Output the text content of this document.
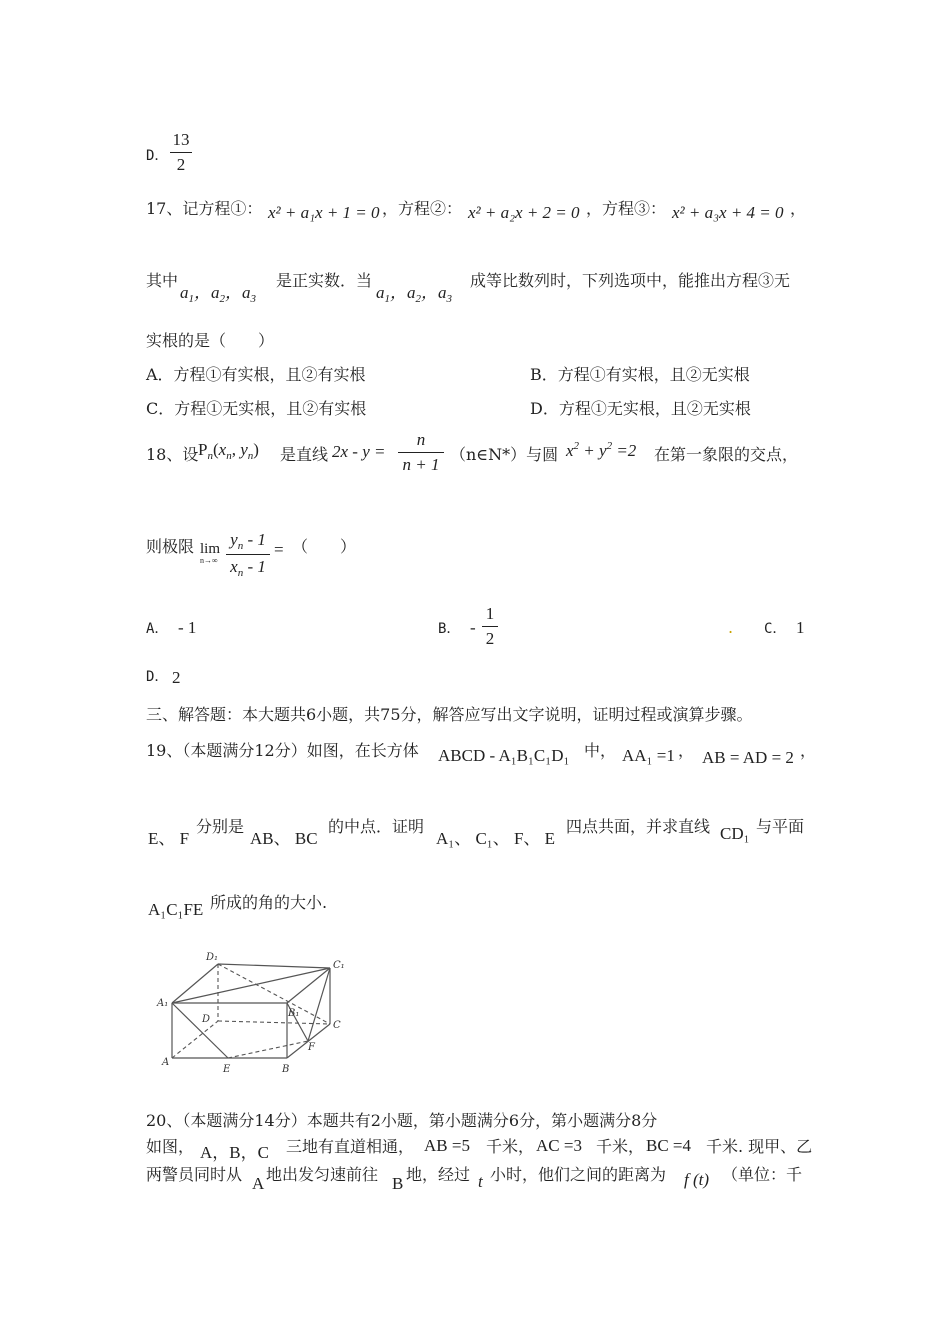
D．
13
2
17、记方程①： x² + a₁x + 1 = 0 ，方程②： x² + a₂x + 2 = 0 ，方程③： x² + a₃x + 4 = 0 ，
其中
$a_1$，$a_2$，$a_3$
是正实数．当
$a_1$，$a_2$，$a_3$
成等比数列时，下列选项中，能推出方程③无
实根的是（　　）
A．方程①有实根，且②有实根	B．方程①有实根，且②无实根
C．方程①无实根，且②有实根	D．方程①无实根，且②无实根
18、设 $P_n(x_n$, $y_n$) 是直线 2x - y =
n
n + 1
（n∈N*）与圆 $x^2 + y^2 =2$ 在第一象限的交点，
则极限 lim
n→∞
$y_n - 1$
$x_n - 1$
= （　　）
A． - 1	B． -
1
2
. C． 1
D． 2
三、解答题：本大题共6小题，共75分，解答应写出文字说明，证明过程或演算步骤。
19、（本题满分12分）如图，在长方体 ABCD - A₁B₁C₁D₁ 中， AA₁ =1 ， AB = AD = 2 ，
E、 F
分别是
AB、 BC
的中点．证明
A₁、 C₁、 F、 E
四点共面，并求直线 CD₁ 与平面
A₁C₁FE 所成的角的大小.
D₁
C₁
A₁
D
B₁
C
F
A
E	B
20、（本题满分14分）本题共有2小题，第小题满分6分，第小题满分8分
如图， A，B，C 三地有直道相通， AB =5 千米， AC =3 千米， BC =4 千米. 现甲、乙
两警员同时从 A 地出发匀速前往 B 地，经过 t 小时，他们之间的距离为 f (t) （单位：千
